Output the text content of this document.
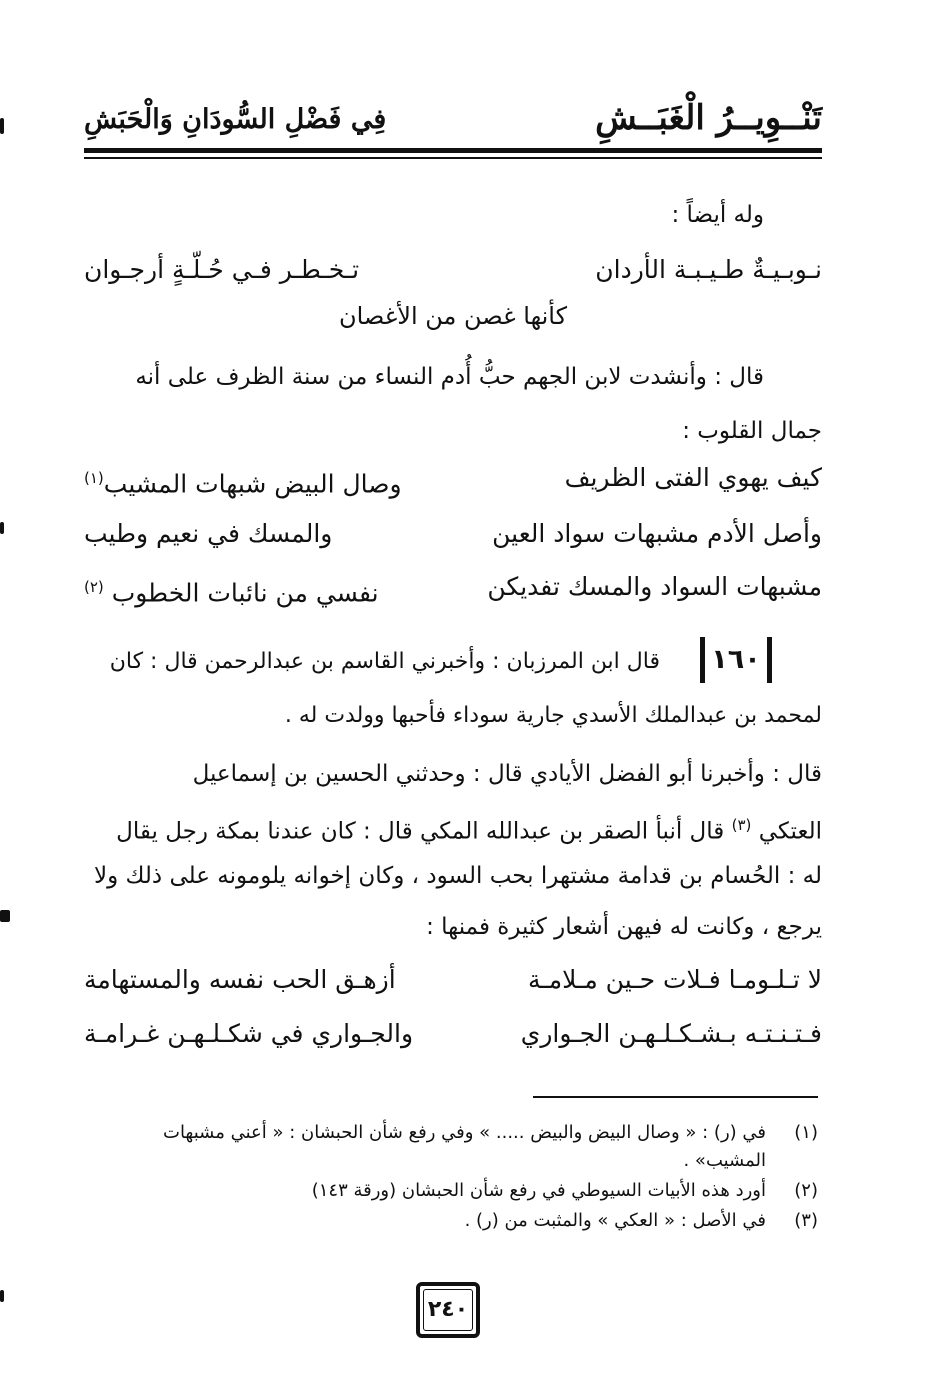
تَنْــوِيــرُ الْغَبَــشِ
فِي فَضْلِ السُّودَانِ وَالْحَبَشِ
وله أيضاً :
نـوبـيـةٌ طـيـبـة الأردان
تـخـطـر فـي حُـلّـةٍ أرجـوان
كأنها غصن من الأغصان
قال : وأنشدت لابن الجهم حبُّ أُدم النساء من سنة الظرف على أنه
جمال القلوب :
كيف يهوي الفتى الظريف
وصال البيض شبهات المشيب$^{(١)}$
وأصل الأدم مشبهات سواد العين
والمسك في نعيم وطيب
مشبهات السواد والمسك تفديكن
نفسي من نائبات الخطوب $^{(٢)}$
١٦٠
قال ابن المرزبان : وأخبرني القاسم بن عبدالرحمن قال : كان
لمحمد بن عبدالملك الأسدي جارية سوداء فأحبها وولدت له .
قال : وأخبرنا أبو الفضل الأيادي قال : وحدثني الحسين بن إسماعيل
العتكي $^{(٣)}$ قال أنبأ الصقر بن عبدالله المكي قال : كان عندنا بمكة رجل يقال
له : الحُسام بن قدامة مشتهرا بحب السود ، وكان إخوانه يلومونه على ذلك ولا
يرجع ، وكانت له فيهن أشعار كثيرة فمنها :
لا تـلـومـا فـلات حـين مـلامـة
أزهـق الحب نفسه والمستهامة
فـتـنـتـه بـشـكـلـهـن الجـواري
والجـواري في شكـلـهـن غـرامـة
(١)
في (ر) : « وصال البيض والبيض ..... » وفي رفع شأن الحبشان : « أعني مشبهات
المشيب» .
(٢)
أورد هذه الأبيات السيوطي في رفع شأن الحبشان (ورقة ١٤٣)
(٣)
في الأصل : « العكي » والمثبت من (ر) .
٢٤٠
